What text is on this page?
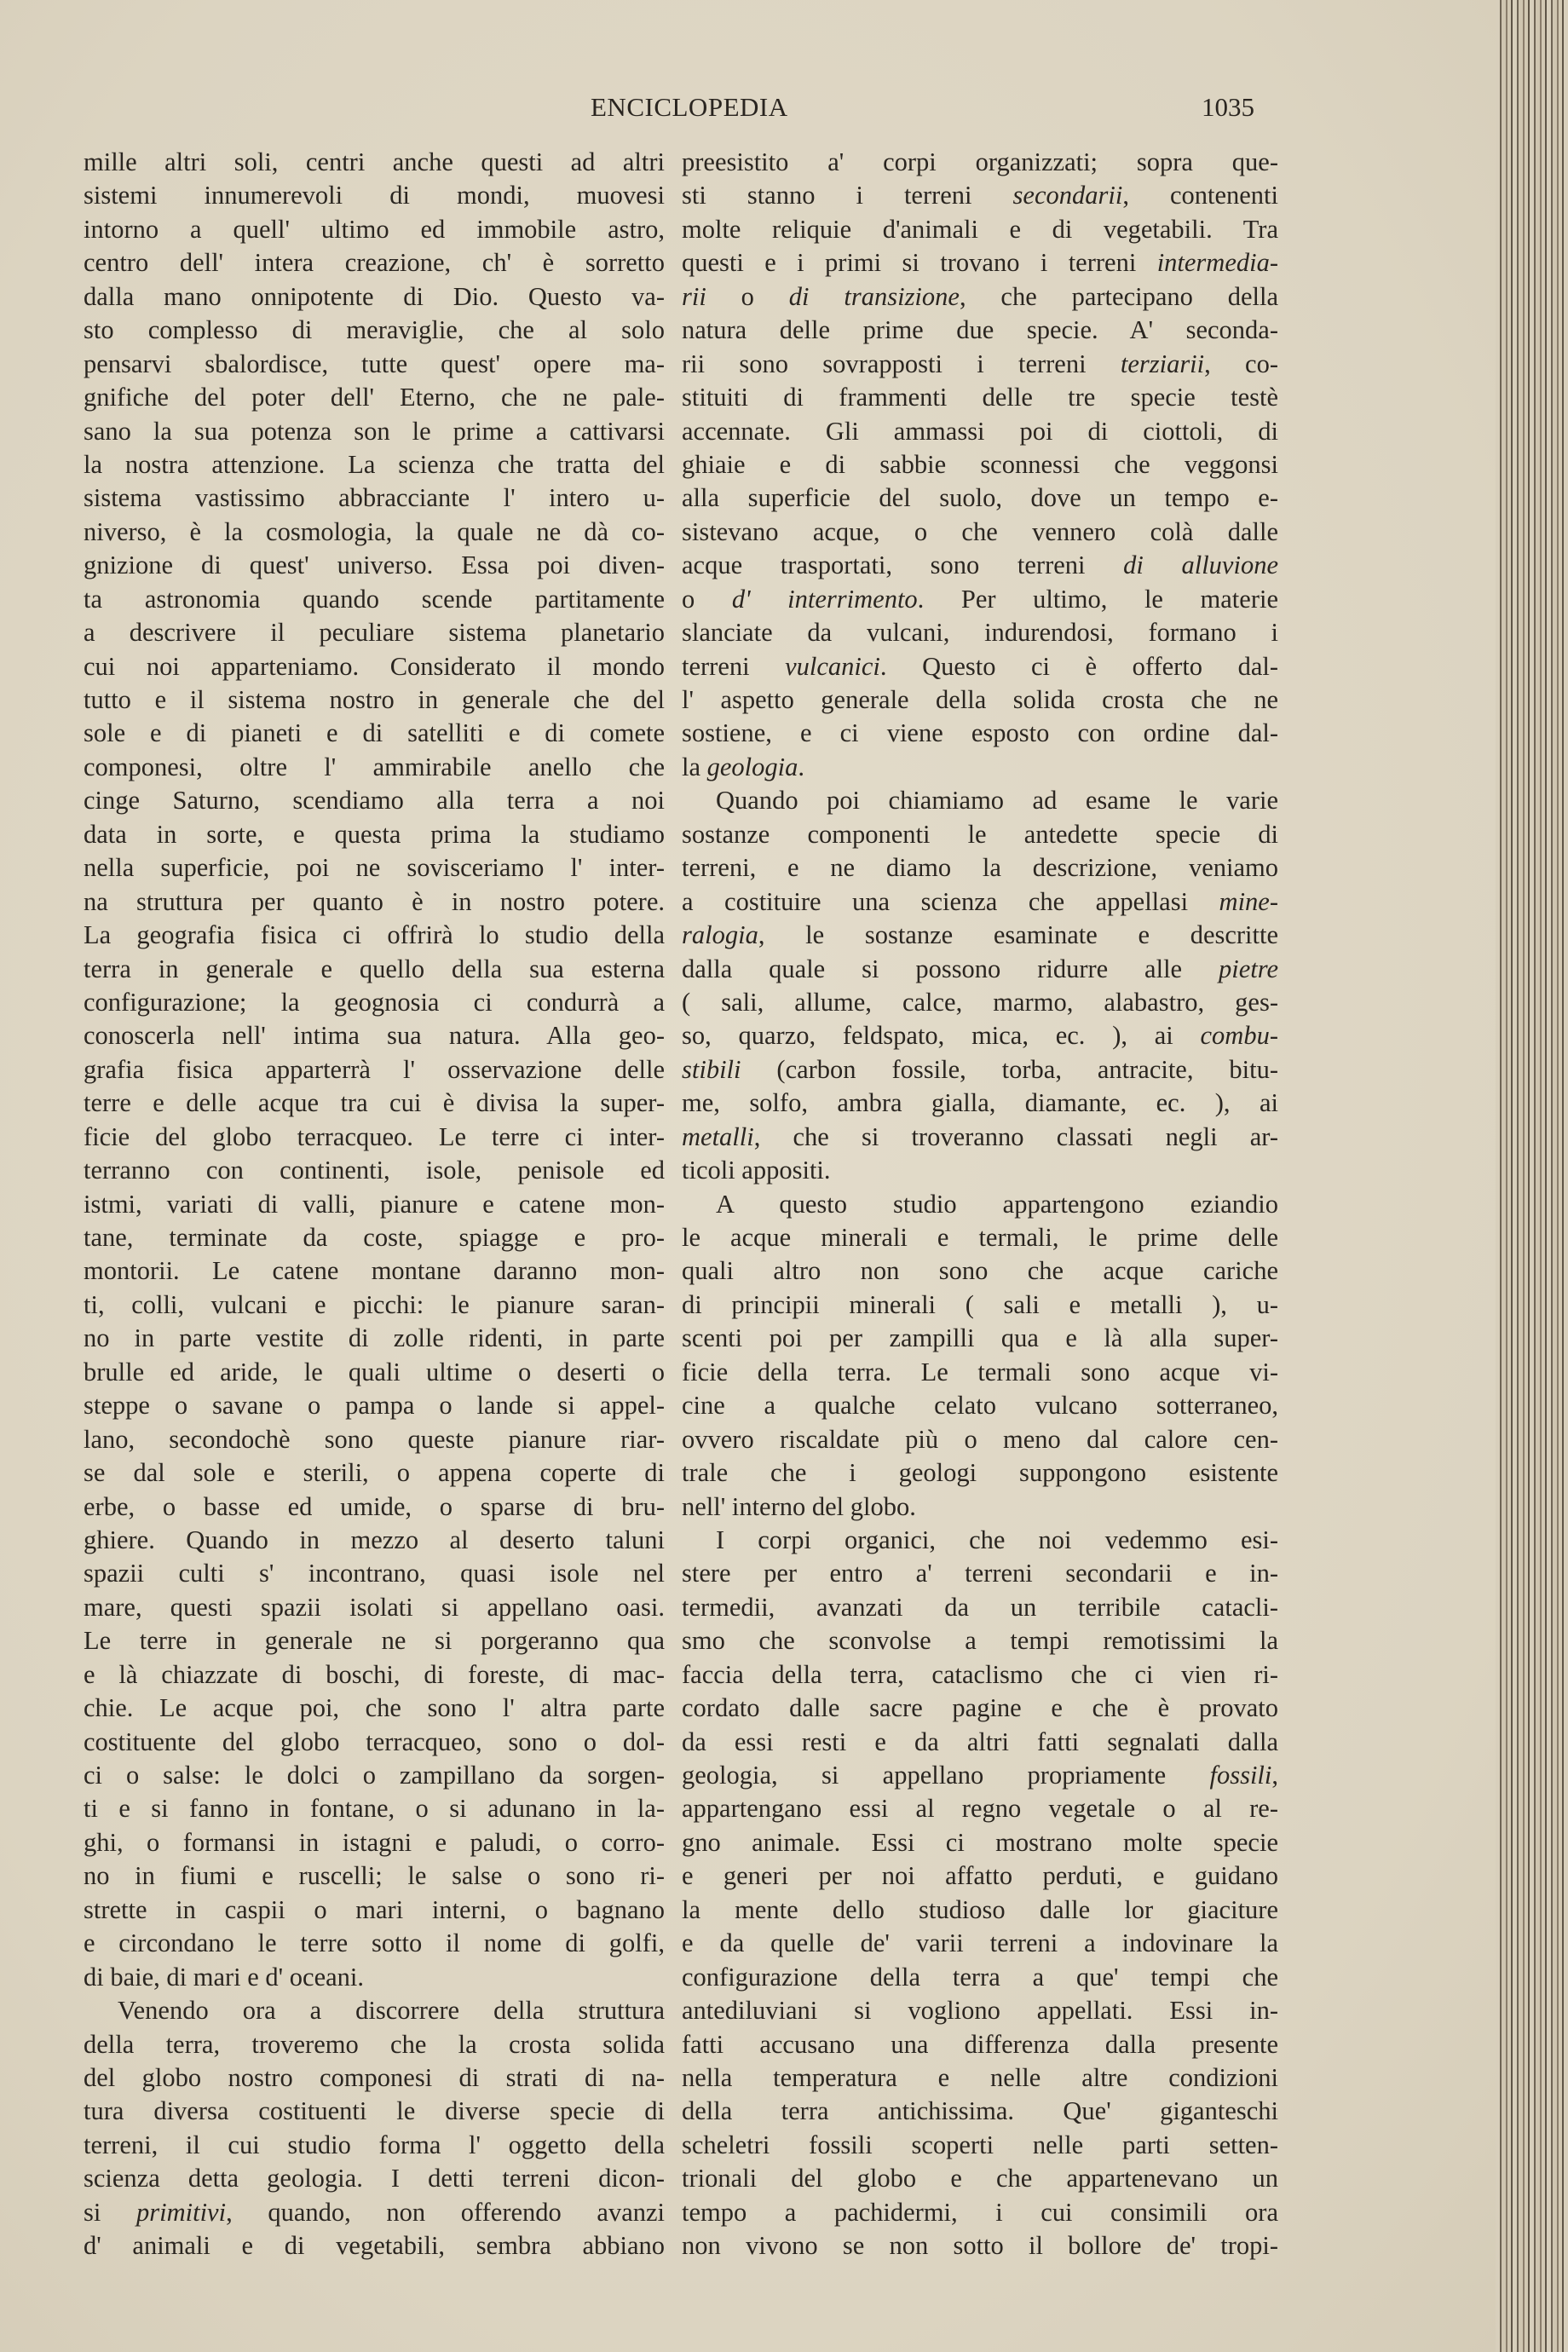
ENCICLOPEDIA	1035
mille altri soli, centri anche questi ad altri
sistemi innumerevoli di mondi, muovesi
intorno a quell' ultimo ed immobile astro,
centro dell' intera creazione, ch' è sorretto
dalla mano onnipotente di Dio. Questo va-
sto complesso di meraviglie, che al solo
pensarvi sbalordisce, tutte quest' opere ma-
gnifiche del poter dell' Eterno, che ne pale-
sano la sua potenza son le prime a cattivarsi
la nostra attenzione. La scienza che tratta del
sistema vastissimo abbracciante l' intero u-
niverso, è la cosmologia, la quale ne dà co-
gnizione di quest' universo. Essa poi diven-
ta astronomia quando scende partitamente
a descrivere il peculiare sistema planetario
cui noi apparteniamo. Considerato il mondo
tutto e il sistema nostro in generale che del
sole e di pianeti e di satelliti e di comete
componesi, oltre l' ammirabile anello che
cinge Saturno, scendiamo alla terra a noi
data in sorte, e questa prima la studiamo
nella superficie, poi ne sovisceriamo l' inter-
na struttura per quanto è in nostro potere.
La geografia fisica ci offrirà lo studio della
terra in generale e quello della sua esterna
configurazione; la geognosia ci condurrà a
conoscerla nell' intima sua natura. Alla geo-
grafia fisica apparterrà l' osservazione delle
terre e delle acque tra cui è divisa la super-
ficie del globo terracqueo. Le terre ci inter-
terranno con continenti, isole, penisole ed
istmi, variati di valli, pianure e catene mon-
tane, terminate da coste, spiagge e pro-
montorii. Le catene montane daranno mon-
ti, colli, vulcani e picchi: le pianure saran-
no in parte vestite di zolle ridenti, in parte
brulle ed aride, le quali ultime o deserti o
steppe o savane o pampa o lande si appel-
lano, secondochè sono queste pianure riar-
se dal sole e sterili, o appena coperte di
erbe, o basse ed umide, o sparse di bru-
ghiere. Quando in mezzo al deserto taluni
spazii culti s' incontrano, quasi isole nel
mare, questi spazii isolati si appellano oasi.
Le terre in generale ne si porgeranno qua
e là chiazzate di boschi, di foreste, di mac-
chie. Le acque poi, che sono l' altra parte
costituente del globo terracqueo, sono o dol-
ci o salse: le dolci o zampillano da sorgen-
ti e si fanno in fontane, o si adunano in la-
ghi, o formansi in istagni e paludi, o corro-
no in fiumi e ruscelli; le salse o sono ri-
strette in caspii o mari interni, o bagnano
e circondano le terre sotto il nome di golfi,
di baie, di mari e d' oceani.
Venendo ora a discorrere della struttura
della terra, troveremo che la crosta solida
del globo nostro componesi di strati di na-
tura diversa costituenti le diverse specie di
terreni, il cui studio forma l' oggetto della
scienza detta geologia. I detti terreni dicon-
si primitivi, quando, non offerendo avanzi
d' animali e di vegetabili, sembra abbiano
preesistito a' corpi organizzati; sopra que-
sti stanno i terreni secondarii, contenenti
molte reliquie d'animali e di vegetabili. Tra
questi e i primi si trovano i terreni intermedia-
rii o di transizione, che partecipano della
natura delle prime due specie. A' seconda-
rii sono sovrapposti i terreni terziarii, co-
stituiti di frammenti delle tre specie testè
accennate. Gli ammassi poi di ciottoli, di
ghiaie e di sabbie sconnessi che veggonsi
alla superficie del suolo, dove un tempo e-
sistevano acque, o che vennero colà dalle
acque trasportati, sono terreni di alluvione
o d' interrimento. Per ultimo, le materie
slanciate da vulcani, indurendosi, formano i
terreni vulcanici. Questo ci è offerto dal-
l' aspetto generale della solida crosta che ne
sostiene, e ci viene esposto con ordine dal-
la geologia.
Quando poi chiamiamo ad esame le varie
sostanze componenti le antedette specie di
terreni, e ne diamo la descrizione, veniamo
a costituire una scienza che appellasi mine-
ralogia, le sostanze esaminate e descritte
dalla quale si possono ridurre alle pietre
( sali, allume, calce, marmo, alabastro, ges-
so, quarzo, feldspato, mica, ec. ), ai combu-
stibili (carbon fossile, torba, antracite, bitu-
me, solfo, ambra gialla, diamante, ec. ), ai
metalli, che si troveranno classati negli ar-
ticoli appositi.
A questo studio appartengono eziandio
le acque minerali e termali, le prime delle
quali altro non sono che acque cariche
di principii minerali ( sali e metalli ), u-
scenti poi per zampilli qua e là alla super-
ficie della terra. Le termali sono acque vi-
cine a qualche celato vulcano sotterraneo,
ovvero riscaldate più o meno dal calore cen-
trale che i geologi suppongono esistente
nell' interno del globo.
I corpi organici, che noi vedemmo esi-
stere per entro a' terreni secondarii e in-
termedii, avanzati da un terribile catacli-
smo che sconvolse a tempi remotissimi la
faccia della terra, cataclismo che ci vien ri-
cordato dalle sacre pagine e che è provato
da essi resti e da altri fatti segnalati dalla
geologia, si appellano propriamente fossili,
appartengano essi al regno vegetale o al re-
gno animale. Essi ci mostrano molte specie
e generi per noi affatto perduti, e guidano
la mente dello studioso dalle lor giaciture
e da quelle de' varii terreni a indovinare la
configurazione della terra a que' tempi che
antediluviani si vogliono appellati. Essi in-
fatti accusano una differenza dalla presente
nella temperatura e nelle altre condizioni
della terra antichissima. Que' giganteschi
scheletri fossili scoperti nelle parti setten-
trionali del globo e che appartenevano un
tempo a pachidermi, i cui consimili ora
non vivono se non sotto il bollore de' tropi-
